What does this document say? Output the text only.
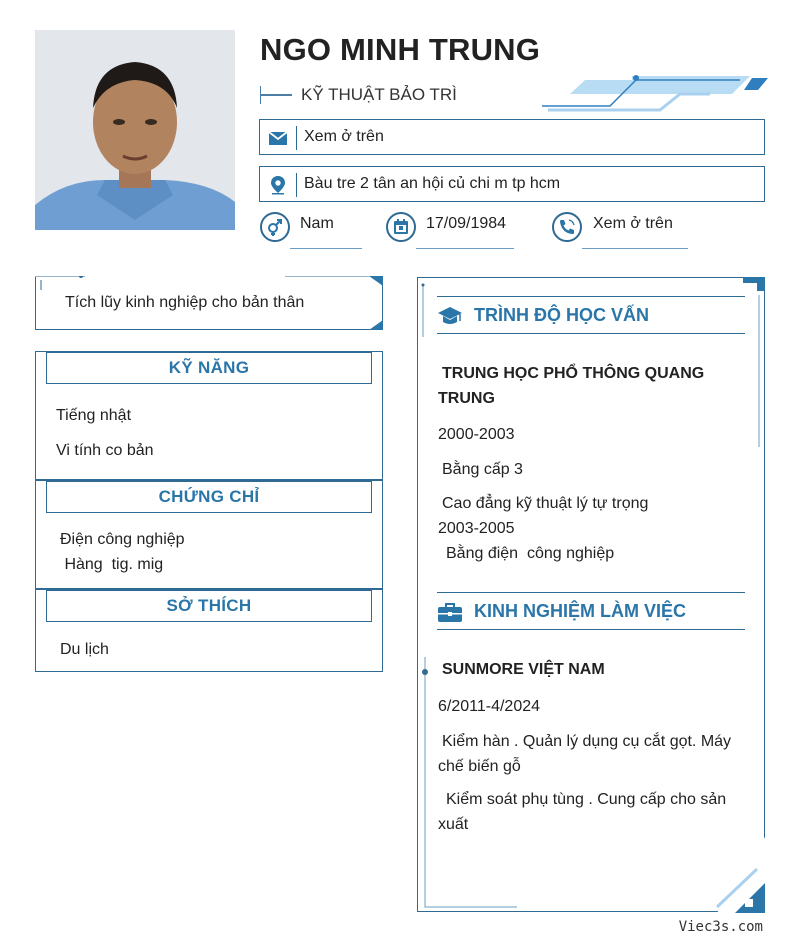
NGO MINH TRUNG
KỸ THUẬT BẢO TRÌ
Xem ở trên
Bàu tre 2 tân an hội củ chi m tp hcm
Nam	17/09/1984	Xem ở trên
Tích lũy kinh nghiệp cho bản thân
KỸ NĂNG
Tiếng nhật
Vi tính co bản
CHỨNG CHỈ
Điện công nghiệp
Hàng  tig. mig
SỞ THÍCH
Du lịch
TRÌNH ĐỘ HỌC VẤN
TRUNG HỌC PHỔ THÔNG QUANG TRUNG
2000-2003
Bằng cấp 3
Cao đẳng kỹ thuật lý tự trọng
2003-2005
Bằng điện  công nghiệp
KINH NGHIỆM LÀM VIỆC
SUNMORE VIỆT NAM
6/2011-4/2024
Kiểm hàn . Quản lý dụng cụ cắt gọt. Máy chế biến gỗ
Kiểm soát phụ tùng . Cung cấp cho sản xuất
Viec3s.com
